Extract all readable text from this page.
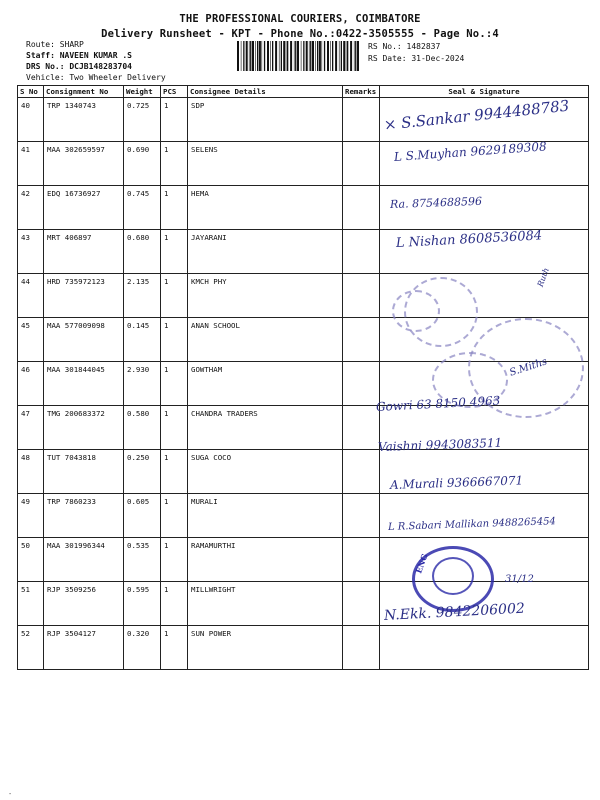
THE PROFESSIONAL COURIERS, COIMBATORE
Delivery Runsheet - KPT - Phone No.:0422-3505555 - Page No.:4
Route: SHARP
Staff: NAVEEN KUMAR .S
DRS No.: DCJB148283704
Vehicle: Two Wheeler Delivery
RS No.: 1482837
RS Date: 31-Dec-2024
S No	Consignment No	Weight	PCS	Consignee Details	Remarks	Seal & Signature
40	TRP 1340743	0.725	1	SDP		
41	MAA 302659597	0.690	1	SELENS		
42	EDQ 16736927	0.745	1	HEMA		
43	MRT 406897	0.680	1	JAYARANI		
44	HRD 735972123	2.135	1	KMCH PHY		
45	MAA 577009098	0.145	1	ANAN SCHOOL		
46	MAA 301844045	2.930	1	GOWTHAM		
47	TMG 200683372	0.580	1	CHANDRA TRADERS		
48	TUT 7043818	0.250	1	SUGA COCO		
49	TRP 7860233	0.605	1	MURALI		
50	MAA 301996344	0.535	1	RAMAMURTHI		
51	RJP 3509256	0.595	1	MILLWRIGHT		
52	RJP 3504127	0.320	1	SUN POWER		
ENG
31/12
× S.Sankar 9944488783
L S.Muyhan 9629189308
Ra. 8754688596
L Nishan 8608536084
Ruth
S.Miths
Gowri 63 8150 4963
Vaishni 9943083511
A.Murali 9366667071
L R.Sabari Mallikan 9488265454
N.Ekk. 9842206002
-
